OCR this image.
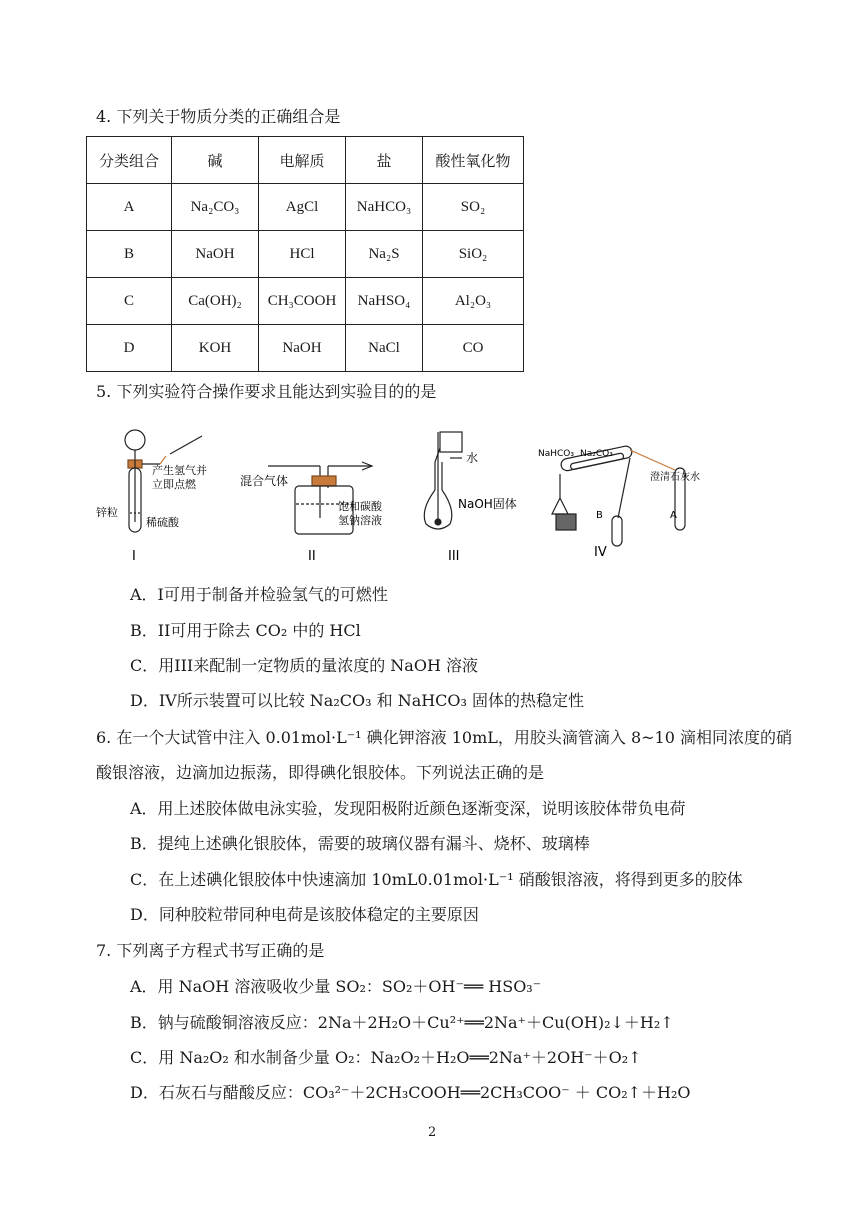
4. 下列关于物质分类的正确组合是
分类组合	碱	电解质	盐	酸性氧化物
A	Na₂CO₃	AgCl	NaHCO₃	SO₂
B	NaOH	HCl	Na₂S	SiO₂
C	Ca(OH)₂	CH₃COOH	NaHSO₄	Al₂O₃
D	KOH	NaOH	NaCl	CO
5. 下列实验符合操作要求且能达到实验目的的是
产生氢气并
立即点燃
锌粒
稀硫酸
I
混合气体
饱和碳酸
氢钠溶液
II
水
NaOH固体
III
NaHCO₃ Na₂CO₃
澄清石灰水
B	A
IV
A．I可用于制备并检验氢气的可燃性
B．II可用于除去 CO₂ 中的 HCl
C．用III来配制一定物质的量浓度的 NaOH 溶液
D．IV所示装置可以比较 Na₂CO₃ 和 NaHCO₃ 固体的热稳定性
6. 在一个大试管中注入 0.01mol·L⁻¹ 碘化钾溶液 10mL，用胶头滴管滴入 8~10 滴相同浓度的硝
酸银溶液，边滴加边振荡，即得碘化银胶体。下列说法正确的是
A．用上述胶体做电泳实验，发现阳极附近颜色逐渐变深，说明该胶体带负电荷
B．提纯上述碘化银胶体，需要的玻璃仪器有漏斗、烧杯、玻璃棒
C．在上述碘化银胶体中快速滴加 10mL0.01mol·L⁻¹ 硝酸银溶液，将得到更多的胶体
D．同种胶粒带同种电荷是该胶体稳定的主要原因
7. 下列离子方程式书写正确的是
A．用 NaOH 溶液吸收少量 SO₂：SO₂＋OH⁻══ HSO₃⁻
B．钠与硫酸铜溶液反应：2Na＋2H₂O＋Cu²⁺══2Na⁺＋Cu(OH)₂↓＋H₂↑
C．用 Na₂O₂ 和水制备少量 O₂：Na₂O₂＋H₂O══2Na⁺＋2OH⁻＋O₂↑
D．石灰石与醋酸反应：CO₃²⁻＋2CH₃COOH══2CH₃COO⁻ ＋ CO₂↑＋H₂O
2
